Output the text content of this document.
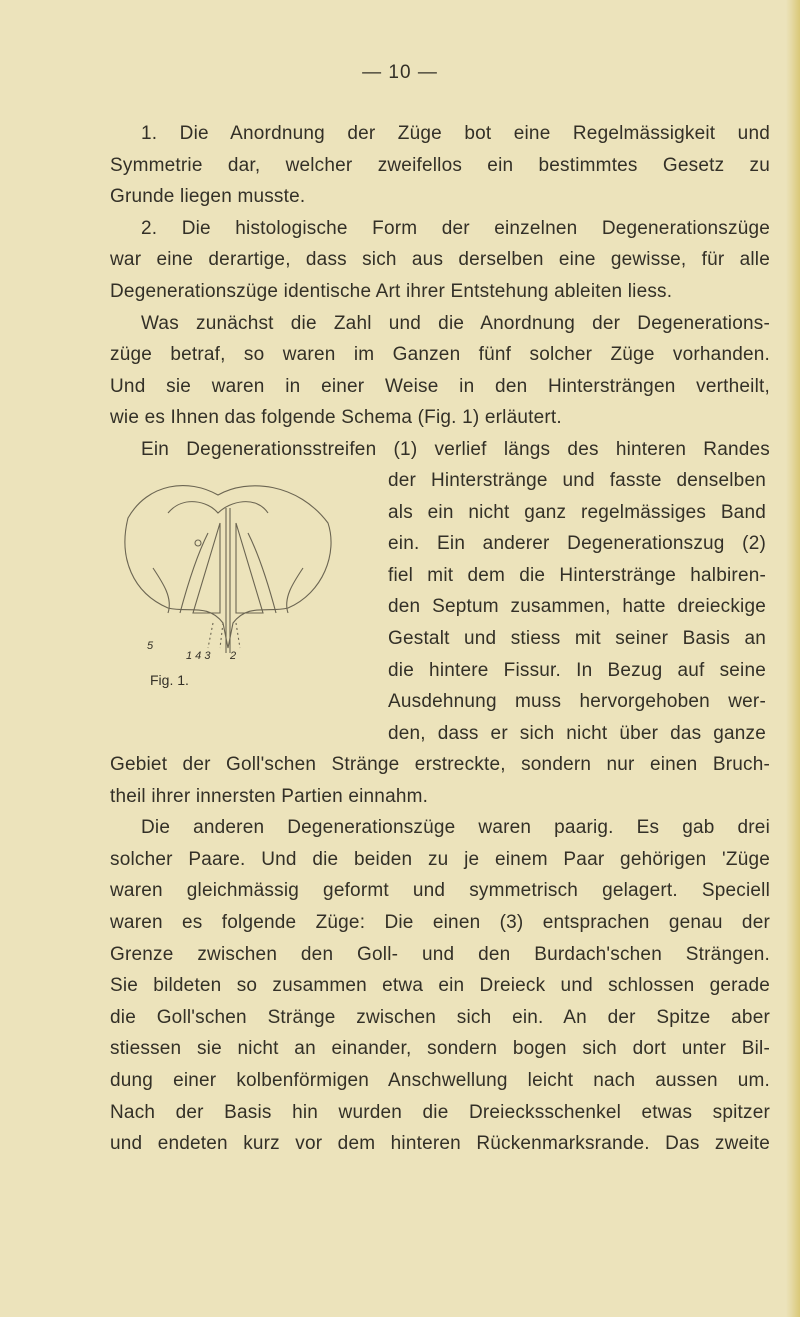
— 10 —

1. Die Anordnung der Züge bot eine Regelmässigkeit und
Symmetrie dar, welcher zweifellos ein bestimmtes Gesetz zu
Grunde liegen musste.

2. Die histologische Form der einzelnen Degenerationszüge
war eine derartige, dass sich aus derselben eine gewisse, für alle
Degenerationszüge identische Art ihrer Entstehung ableiten liess.

Was zunächst die Zahl und die Anordnung der Degenerations-
züge betraf, so waren im Ganzen fünf solcher Züge vorhanden.
Und sie waren in einer Weise in den Hintersträngen vertheilt,
wie es Ihnen das folgende Schema (Fig. 1) erläutert.

Ein Degenerationsstreifen (1) verlief längs des hinteren Randes

der Hinterstränge und fasste denselben
als ein nicht ganz regelmässiges Band
ein. Ein anderer Degenerationszug (2)
fiel mit dem die Hinterstränge halbiren-
den Septum zusammen, hatte dreieckige
Gestalt und stiess mit seiner Basis an
die hintere Fissur. In Bezug auf seine
Ausdehnung muss hervorgehoben wer-
den, dass er sich nicht über das ganze
5
1 4 3 2
Fig. 1.

Gebiet der Goll'schen Stränge erstreckte, sondern nur einen Bruch-
theil ihrer innersten Partien einnahm.

Die anderen Degenerationszüge waren paarig. Es gab drei
solcher Paare. Und die beiden zu je einem Paar gehörigen 'Züge
waren gleichmässig geformt und symmetrisch gelagert. Speciell
waren es folgende Züge: Die einen (3) entsprachen genau der
Grenze zwischen den Goll- und den Burdach'schen Strängen.
Sie bildeten so zusammen etwa ein Dreieck und schlossen gerade
die Goll'schen Stränge zwischen sich ein. An der Spitze aber
stiessen sie nicht an einander, sondern bogen sich dort unter Bil-
dung einer kolbenförmigen Anschwellung leicht nach aussen um.
Nach der Basis hin wurden die Dreiecksschenkel etwas spitzer
und endeten kurz vor dem hinteren Rückenmarksrande. Das zweite
